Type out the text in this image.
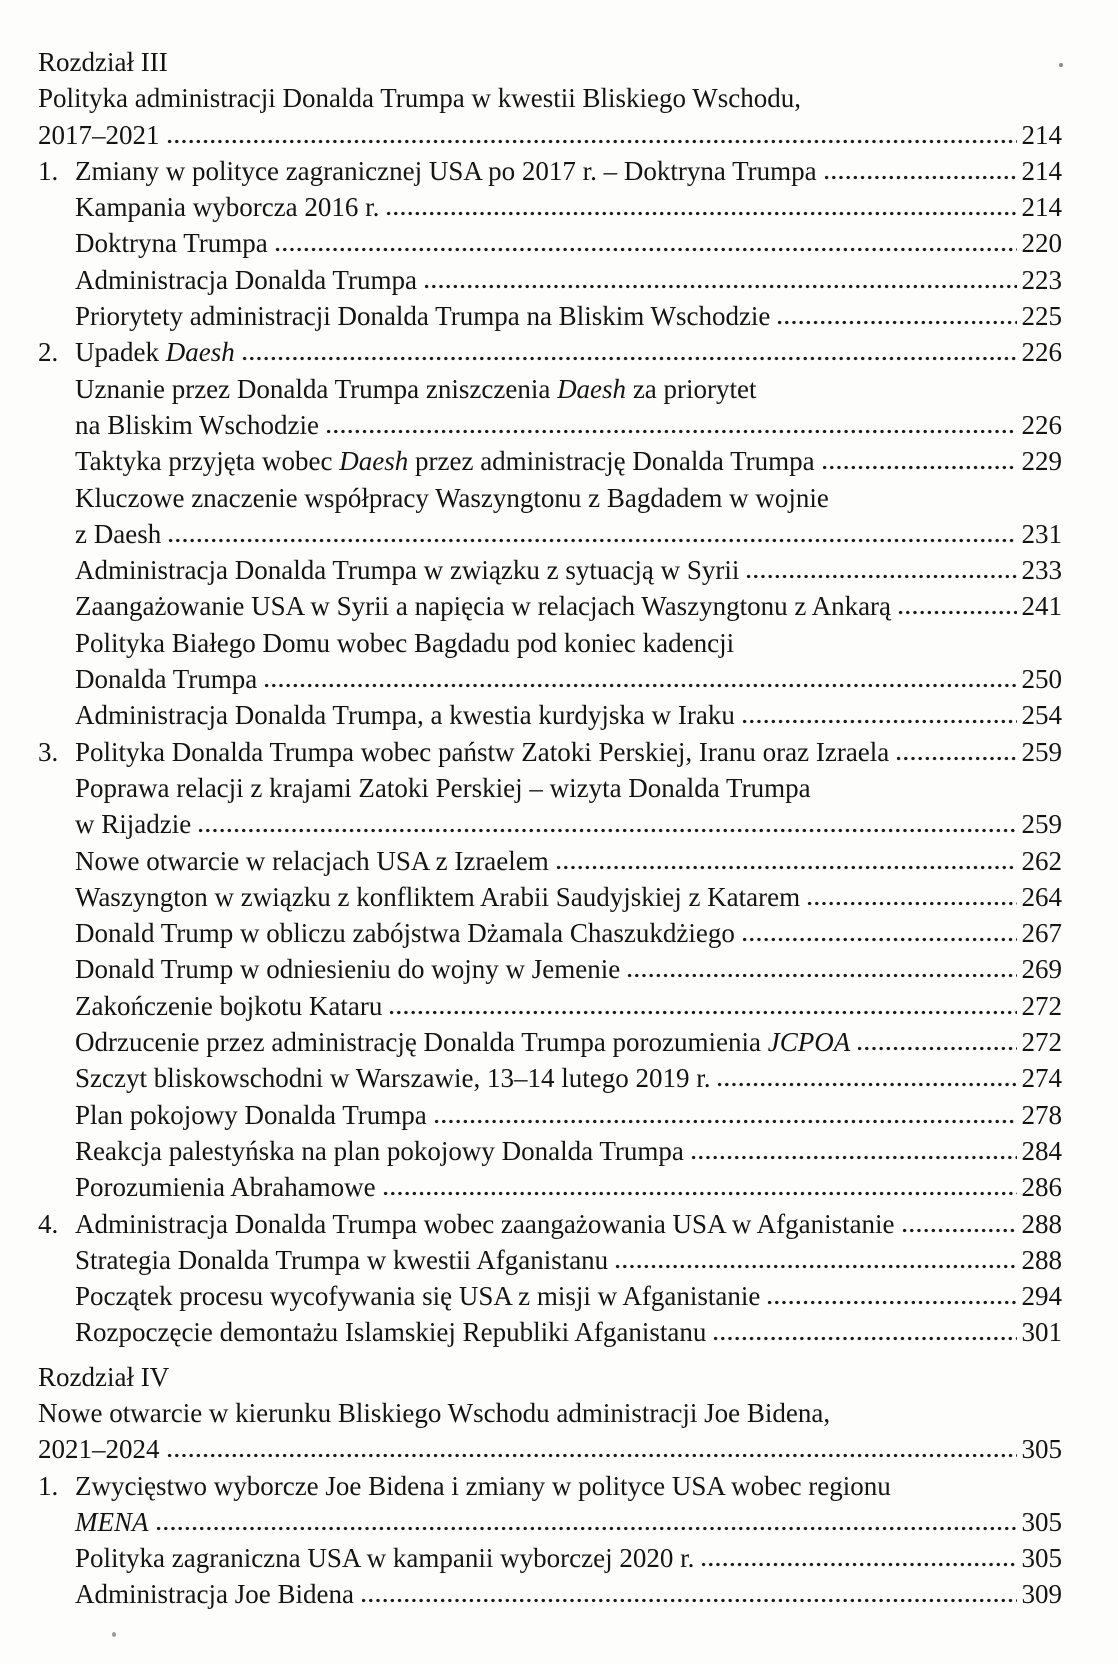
Rozdział III
Polityka administracji Donalda Trumpa w kwestii Bliskiego Wschodu,
2017–2021	214
1. Zmiany w polityce zagranicznej USA po 2017 r. – Doktryna Trumpa	214
Kampania wyborcza 2016 r.	214
Doktryna Trumpa	220
Administracja Donalda Trumpa	223
Priorytety administracji Donalda Trumpa na Bliskim Wschodzie	225
2. Upadek Daesh	226
Uznanie przez Donalda Trumpa zniszczenia Daesh za priorytet
na Bliskim Wschodzie	226
Taktyka przyjęta wobec Daesh przez administrację Donalda Trumpa	229
Kluczowe znaczenie współpracy Waszyngtonu z Bagdadem w wojnie
z Daesh	231
Administracja Donalda Trumpa w związku z sytuacją w Syrii	233
Zaangażowanie USA w Syrii a napięcia w relacjach Waszyngtonu z Ankarą	241
Polityka Białego Domu wobec Bagdadu pod koniec kadencji
Donalda Trumpa	250
Administracja Donalda Trumpa, a kwestia kurdyjska w Iraku	254
3. Polityka Donalda Trumpa wobec państw Zatoki Perskiej, Iranu oraz Izraela	259
Poprawa relacji z krajami Zatoki Perskiej – wizyta Donalda Trumpa
w Rijadzie	259
Nowe otwarcie w relacjach USA z Izraelem	262
Waszyngton w związku z konfliktem Arabii Saudyjskiej z Katarem	264
Donald Trump w obliczu zabójstwa Dżamala Chaszukdżiego	267
Donald Trump w odniesieniu do wojny w Jemenie	269
Zakończenie bojkotu Kataru	272
Odrzucenie przez administrację Donalda Trumpa porozumienia JCPOA	272
Szczyt bliskowschodni w Warszawie, 13–14 lutego 2019 r.	274
Plan pokojowy Donalda Trumpa	278
Reakcja palestyńska na plan pokojowy Donalda Trumpa	284
Porozumienia Abrahamowe	286
4. Administracja Donalda Trumpa wobec zaangażowania USA w Afganistanie	288
Strategia Donalda Trumpa w kwestii Afganistanu	288
Początek procesu wycofywania się USA z misji w Afganistanie	294
Rozpoczęcie demontażu Islamskiej Republiki Afganistanu	301
Rozdział IV
Nowe otwarcie w kierunku Bliskiego Wschodu administracji Joe Bidena,
2021–2024	305
1. Zwycięstwo wyborcze Joe Bidena i zmiany w polityce USA wobec regionu
MENA	305
Polityka zagraniczna USA w kampanii wyborczej 2020 r.	305
Administracja Joe Bidena	309
